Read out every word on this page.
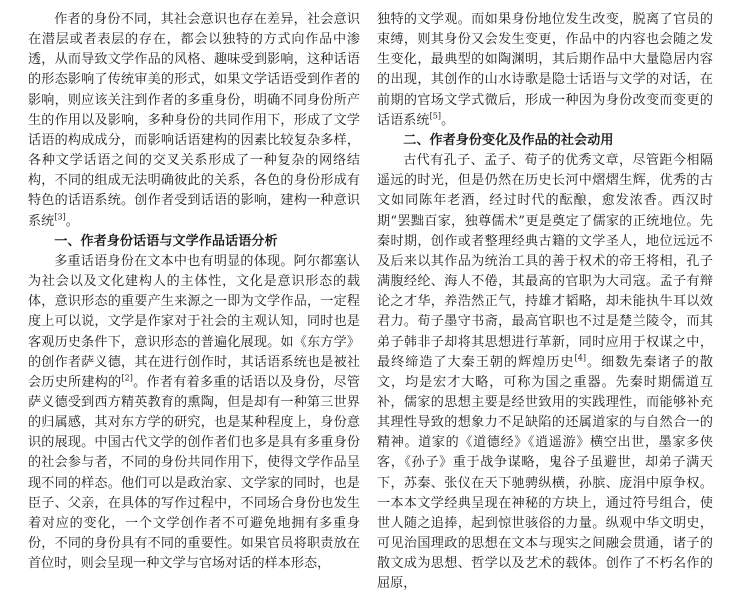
作者的身份不同，其社会意识也存在差异，社会意识在潜层或者表层的存在，都会以独特的方式向作品中渗透，从而导致文学作品的风格、趣味受到影响，这种话语的形态影响了传统审美的形式，如果文学话语受到作者的影响，则应该关注到作者的多重身份，明确不同身份所产生的作用以及影响，多种身份的共同作用下，形成了文学话语的构成成分，而影响话语建构的因素比较复杂多样，各种文学话语之间的交叉关系形成了一种复杂的网络结构，不同的组成无法明确彼此的关系，各色的身份形成有特色的话语系统。创作者受到话语的影响，建构一种意识系统[3]。

一、作者身份话语与文学作品话语分析

多重话语身份在文本中也有明显的体现。阿尔都塞认为社会以及文化建构人的主体性，文化是意识形态的载体，意识形态的重要产生来源之一即为文学作品，一定程度上可以说，文学是作家对于社会的主观认知，同时也是客观历史条件下，意识形态的普遍化展现。如《东方学》的创作者萨义德，其在进行创作时，其话语系统也是被社会历史所建构的[2]。作者有着多重的话语以及身份，尽管萨义德受到西方精英教育的熏陶，但是却有一种第三世界的归属感，其对东方学的研究，也是某种程度上，身份意识的展现。中国古代文学的创作者们也多是具有多重身份的社会参与者，不同的身份共同作用下，使得文学作品呈现不同的样态。他们可以是政治家、文学家的同时，也是臣子、父亲，在具体的写作过程中，不同场合身份也发生着对应的变化，一个文学创作者不可避免地拥有多重身份，不同的身份具有不同的重要性。如果官员将职责放在首位时，则会呈现一种文学与官场对话的样本形态，

独特的文学观。而如果身份地位发生改变，脱离了官员的束缚，则其身份又会发生变更，作品中的内容也会随之发生变化，最典型的如陶渊明，其后期作品中大量隐居内容的出现，其创作的山水诗歌是隐士话语与文学的对话，在前期的官场文学式微后，形成一种因为身份改变而变更的话语系统[5]。

二、作者身份变化及作品的社会动用

古代有孔子、孟子、荀子的优秀文章，尽管距今相隔遥远的时光，但是仍然在历史长河中熠熠生辉，优秀的古文如同陈年老酒，经过时代的酝酿，愈发浓香。西汉时期“罢黜百家，独尊儒术”更是奠定了儒家的正统地位。先秦时期，创作或者整理经典古籍的文学圣人，地位远远不及后来以其作品为统治工具的善于权术的帝王将相，孔子满腹经纶、海人不倦，其最高的官职为大司寇。孟子有辩论之才华，养浩然正气，持雄才韬略，却未能执牛耳以效君力。荀子墨守书斋，最高官职也不过是楚兰陵令，而其弟子韩非子却将其思想进行革新，同时应用于权谋之中，最终缔造了大秦王朝的辉煌历史[4]。细数先秦诸子的散文，均是宏才大略，可称为国之重器。先秦时期儒道互补，儒家的思想主要是经世致用的实践理性，而能够补充其理性导致的想象力不足缺陷的还属道家的与自然合一的精神。道家的《道德经》《逍遥游》横空出世，墨家多侠客，《孙子》重于战争谋略，鬼谷子虽避世，却弟子满天下，苏秦、张仪在天下驰骋纵横，孙膑、庞涓中原争权。一本本文学经典呈现在神秘的方块上，通过符号组合，使世人随之追捧，起到惊世骇俗的力量。纵观中华文明史，可见治国理政的思想在文本与现实之间融会贯通，诸子的散文成为思想、哲学以及艺术的载体。创作了不朽名作的屈原，
